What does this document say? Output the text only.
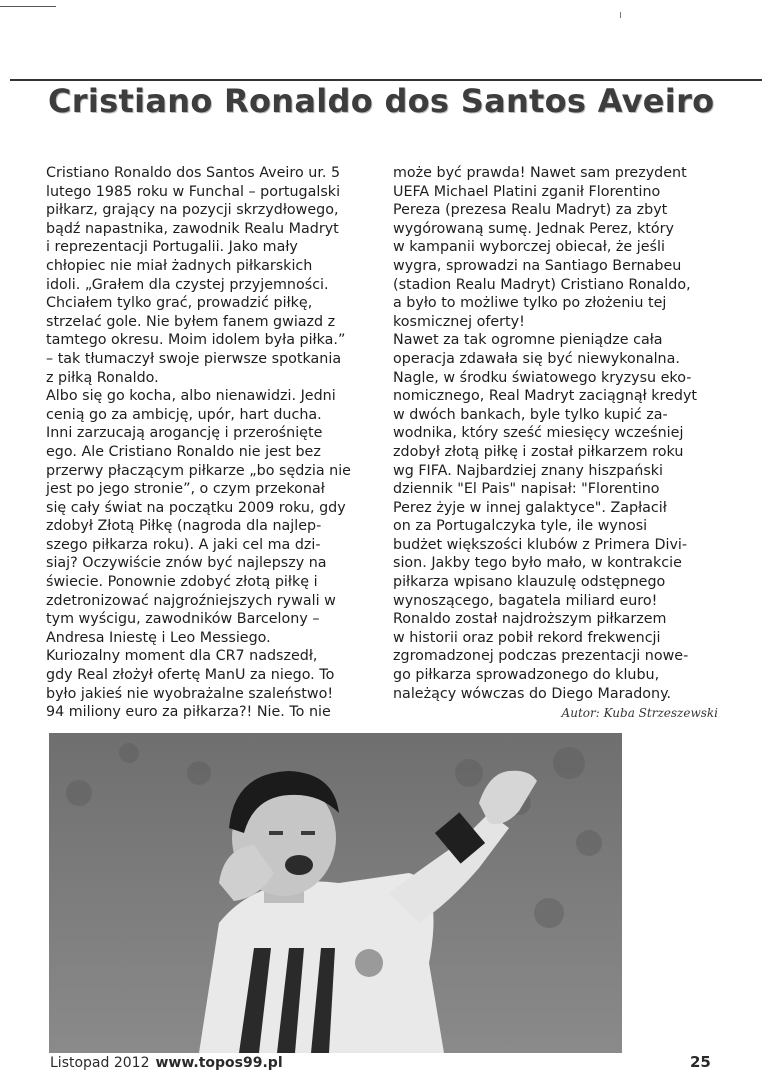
Cristiano Ronaldo dos Santos Aveiro

Cristiano Ronaldo dos Santos Aveiro ur. 5
lutego 1985 roku w Funchal – portugalski
piłkarz, grający na pozycji skrzydłowego,
bądź napastnika, zawodnik Realu Madryt
i reprezentacji Portugalii. Jako mały
chłopiec nie miał żadnych piłkarskich
idoli. „Grałem dla czystej przyjemności.
Chciałem tylko grać, prowadzić piłkę,
strzelać gole. Nie byłem fanem gwiazd z
tamtego okresu. Moim idolem była piłka.”
– tak tłumaczył swoje pierwsze spotkania
z piłką Ronaldo.
Albo się go kocha, albo nienawidzi. Jedni
cenią go za ambicję, upór, hart ducha.
Inni zarzucają arogancję i przerośnięte
ego. Ale Cristiano Ronaldo nie jest bez
przerwy płaczącym piłkarze „bo sędzia nie
jest po jego stronie”, o czym przekonał
się cały świat na początku 2009 roku, gdy
zdobył Złotą Piłkę (nagroda dla najlep-
szego piłkarza roku). A jaki cel ma dzi-
siaj? Oczywiście znów być najlepszy na
świecie. Ponownie zdobyć złotą piłkę i
zdetronizować najgroźniejszych rywali w
tym wyścigu, zawodników Barcelony –
Andresa Iniestę i Leo Messiego.
Kuriozalny moment dla CR7 nadszedł,
gdy Real złożył ofertę ManU za niego. To
było jakieś nie wyobrażalne szaleństwo!
94 miliony euro za piłkarza?! Nie. To nie

może być prawda! Nawet sam prezydent
UEFA Michael Platini zganił Florentino
Pereza (prezesa Realu Madryt) za zbyt
wygórowaną sumę. Jednak Perez, który
w kampanii wyborczej obiecał, że jeśli
wygra, sprowadzi na Santiago Bernabeu
(stadion Realu Madryt) Cristiano Ronaldo,
a było to możliwe tylko po złożeniu tej
kosmicznej oferty!
Nawet za tak ogromne pieniądze cała
operacja zdawała się być niewykonalna.
Nagle, w środku światowego kryzysu eko-
nomicznego, Real Madryt zaciągnął kredyt
w dwóch bankach, byle tylko kupić za-
wodnika, który sześć miesięcy wcześniej
zdobył złotą piłkę i został piłkarzem roku
wg FIFA. Najbardziej znany hiszpański
dziennik "El Pais" napisał: "Florentino
Perez żyje w innej galaktyce". Zapłacił
on za Portugalczyka tyle, ile wynosi
budżet większości klubów z Primera Divi-
sion. Jakby tego było mało, w kontrakcie
piłkarza wpisano klauzulę odstępnego
wynoszącego, bagatela miliard euro!
Ronaldo został najdroższym piłkarzem
w historii oraz pobił rekord frekwencji
zgromadzonej podczas prezentacji nowe-
go piłkarza sprowadzonego do klubu,
należący wówczas do Diego Maradony.

Autor: Kuba Strzeszewski
Listopad 2012 www.topos99.pl	25
